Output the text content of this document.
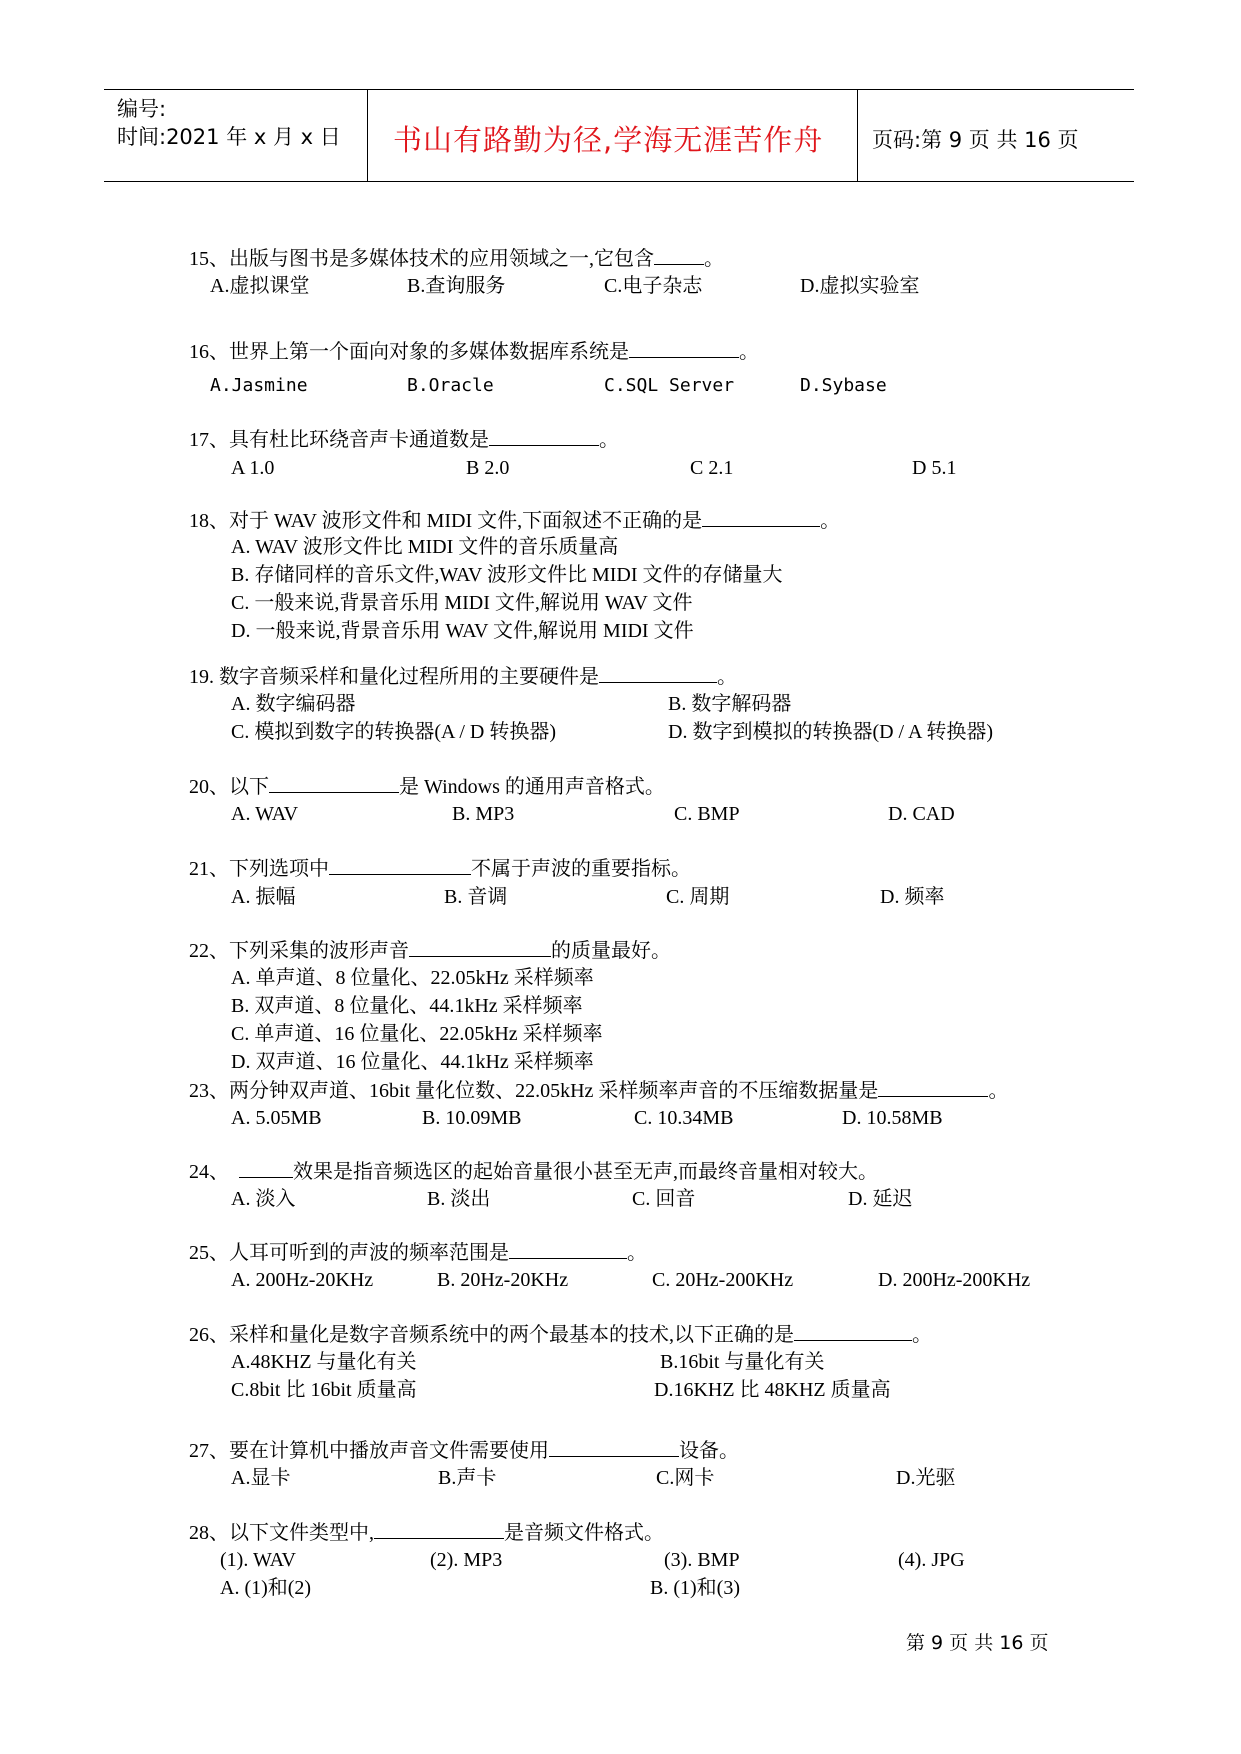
编号:
时间:2021 年 x 月 x 日 书山有路勤为径,学海无涯苦作舟 页码:第 9 页 共 16 页
15、出版与图书是多媒体技术的应用领域之一,它包含	。
A.虚拟课堂	B.查询服务	C.电子杂志	D.虚拟实验室
16、世界上第一个面向对象的多媒体数据库系统是	。
A.Jasmine	B.Oracle	C.SQL Server	D.Sybase
17、具有杜比环绕音声卡通道数是	。
A 1.0	B 2.0	C 2.1	D 5.1
18、对于 WAV 波形文件和 MIDI 文件,下面叙述不正确的是	。
A. WAV 波形文件比 MIDI 文件的音乐质量高
B. 存储同样的音乐文件,WAV 波形文件比 MIDI 文件的存储量大
C. 一般来说,背景音乐用 MIDI 文件,解说用 WAV 文件
D. 一般来说,背景音乐用 WAV 文件,解说用 MIDI 文件
19. 数字音频采样和量化过程所用的主要硬件是	。
A. 数字编码器	B. 数字解码器
C. 模拟到数字的转换器(A / D 转换器)	D. 数字到模拟的转换器(D / A 转换器)
20、以下	是 Windows 的通用声音格式。
A. WAV	B. MP3	C. BMP	D. CAD
21、下列选项中	不属于声波的重要指标。
A. 振幅	B. 音调	C. 周期	D. 频率
22、下列采集的波形声音	的质量最好。
A. 单声道、8 位量化、22.05kHz 采样频率
B. 双声道、8 位量化、44.1kHz 采样频率
C. 单声道、16 位量化、22.05kHz 采样频率
D. 双声道、16 位量化、44.1kHz 采样频率
23、两分钟双声道、16bit 量化位数、22.05kHz 采样频率声音的不压缩数据量是	。
A. 5.05MB	B. 10.09MB	C. 10.34MB	D. 10.58MB
24、	效果是指音频选区的起始音量很小甚至无声,而最终音量相对较大。
A. 淡入	B. 淡出	C. 回音	D. 延迟
25、人耳可听到的声波的频率范围是	。
A. 200Hz-20KHz	B. 20Hz-20KHz	C. 20Hz-200KHz	D. 200Hz-200KHz
26、采样和量化是数字音频系统中的两个最基本的技术,以下正确的是	。
A.48KHZ 与量化有关	B.16bit 与量化有关
C.8bit 比 16bit 质量高	D.16KHZ 比 48KHZ 质量高
27、要在计算机中播放声音文件需要使用	设备。
A.显卡	B.声卡	C.网卡	D.光驱
28、以下文件类型中,	是音频文件格式。
(1). WAV	(2). MP3	(3). BMP	(4). JPG
A. (1)和(2)	B. (1)和(3)
第 9 页 共 16 页
